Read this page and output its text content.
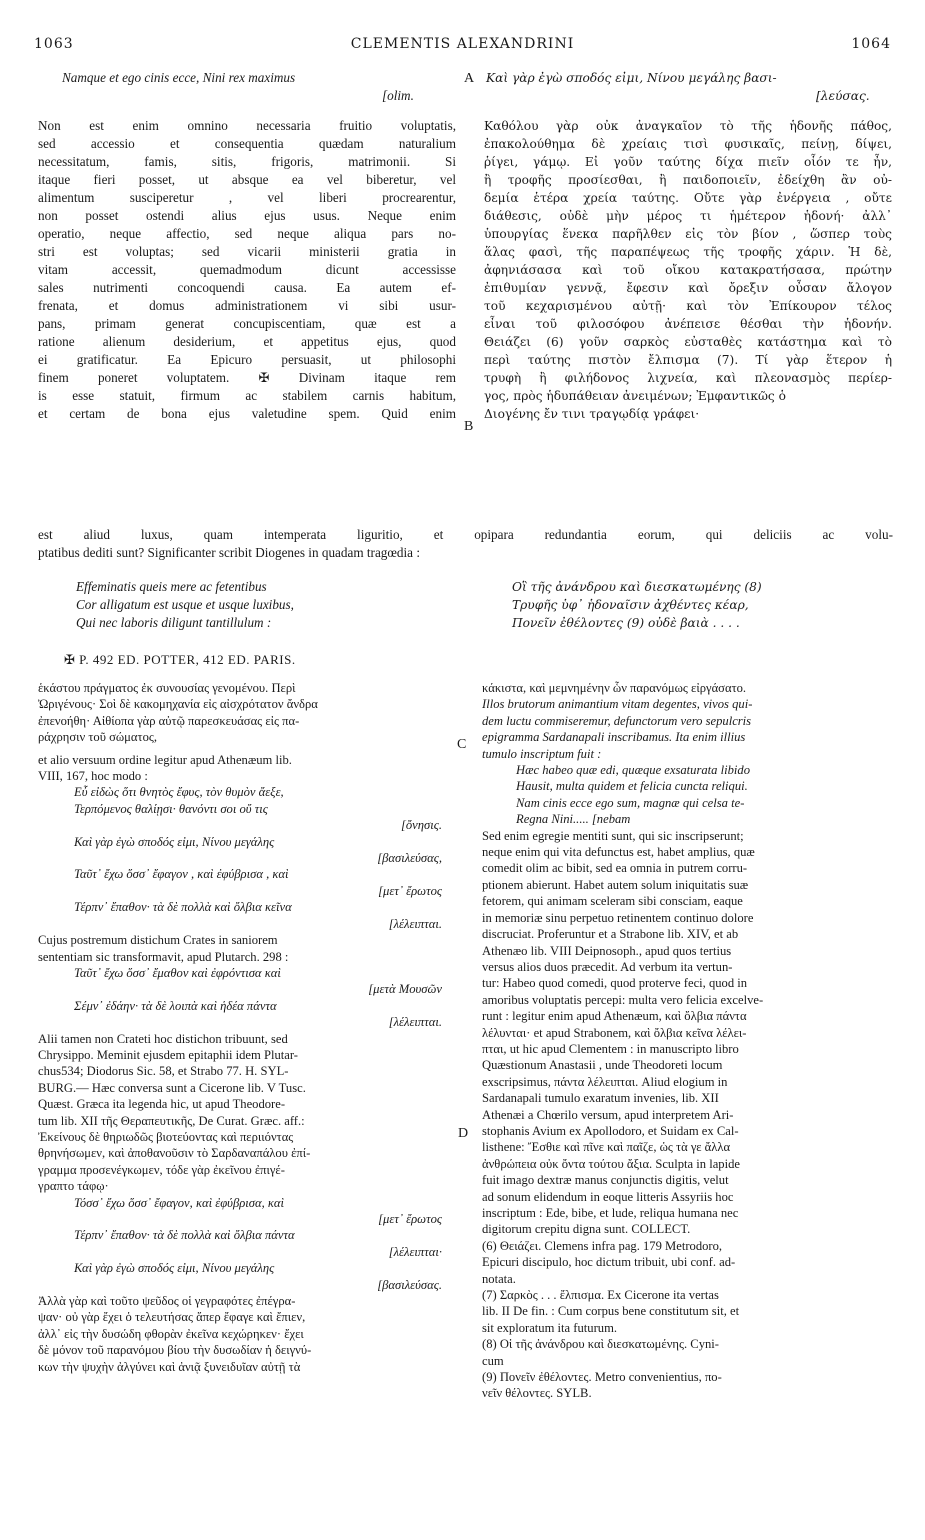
1063	CLEMENTIS ALEXANDRINI	1064
A
B
C
D
Namque et ego cinis ecce, Nini rex maximus
[olim.
Καὶ γὰρ ἐγὼ σποδός εἰμι, Νίνου μεγάλης βασι-
[λεύσας.
Non est enim omnino necessaria fruitio voluptatis,
sed accessio et consequentia quædam naturalium
necessitatum, famis, sitis, frigoris, matrimonii. Si
itaque fieri posset, ut absque ea vel biberetur, vel
alimentum susciperetur , vel liberi procrearentur,
non posset ostendi alius ejus usus. Neque enim
operatio, neque affectio, sed neque aliqua pars no-
stri est voluptas; sed vicarii ministerii gratia in
vitam accessit, quemadmodum dicunt accessisse
sales nutrimenti concoquendi causa. Ea autem ef-
frenata, et domus administrationem vi sibi usur-
pans, primam generat concupiscentiam, quæ est a
ratione alienum desiderium, et appetitus ejus, quod
ei gratificatur. Ea Epicuro persuasit, ut philosophi
finem poneret voluptatem. ✠ Divinam itaque rem
is esse statuit, firmum ac stabilem carnis habitum,
et certam de bona ejus valetudine spem. Quid enim
Καθόλου γὰρ οὐκ ἀναγκαῖον τὸ τῆς ἡδονῆς πάθος,
ἐπακολούθημα δὲ χρείαις τισὶ φυσικαῖς, πείνῃ, δίψει,
ῥίγει, γάμῳ. Εἰ γοῦν ταύτης δίχα πιεῖν οἷόν τε ἦν,
ἢ τροφῆς προσίεσθαι, ἢ παιδοποιεῖν, ἐδείχθη ἂν οὐ-
δεμία ἑτέρα χρεία ταύτης. Οὔτε γὰρ ἐνέργεια , οὔτε
διάθεσις, οὐδὲ μὴν μέρος τι ἡμέτερον ἡδονή· ἀλλ᾽
ὑπουργίας ἕνεκα παρῆλθεν εἰς τὸν βίον , ὥσπερ τοὺς
ἅλας φασὶ, τῆς παραπέψεως τῆς τροφῆς χάριν. Ἡ δὲ,
ἀφηνιάσασα καὶ τοῦ οἴκου κατακρατήσασα, πρώτην
ἐπιθυμίαν γεννᾷ, ἔφεσιν καὶ ὄρεξιν οὖσαν ἄλογον
τοῦ κεχαρισμένου αὐτῇ· καὶ τὸν Ἐπίκουρον τέλος
εἶναι τοῦ φιλοσόφου ἀνέπεισε θέσθαι τὴν ἡδονήν.
Θειάζει (6) γοῦν σαρκὸς εὐσταθὲς κατάστημα καὶ τὸ
περὶ ταύτης πιστὸν ἔλπισμα (7). Τί γὰρ ἕτερον ἡ
τρυφὴ ἢ φιλήδονος λιχνεία, καὶ πλεονασμὸς περίερ-
γος, πρὸς ἡδυπάθειαν ἀνειμένων; Ἐμφαντικῶς ὁ
Διογένης ἔν τινι τραγῳδίᾳ γράφει·
est aliud luxus, quam intemperata liguritio, et opipara redundantia eorum, qui deliciis ac volu-
ptatibus dediti sunt? Significanter scribit Diogenes in quadam tragœdia :
Effeminatis queis mere ac fetentibus
Cor alligatum est usque et usque luxibus,
Qui nec laboris diligunt tantillulum :
Οἳ τῆς ἀνάνδρου καὶ διεσκατωμένης (8)
Τρυφῆς ὑφ᾽ ἡδοναῖσιν ἀχθέντες κέαρ,
Πονεῖν ἐθέλοντες (9) οὐδὲ βαιὰ . . . .
✠ P. 492 ED. POTTER, 412 ED. PARIS.
ἑκάστου πράγματος ἐκ συνουσίας γενομένου. Περὶ
Ὠριγένους· Σοὶ δὲ κακομηχανία εἰς αἰσχρότατον ἄνδρα
ἐπενοήθη· Αἰθίοπα γὰρ αὐτῷ παρεσκευάσας εἰς πα-
ράχρησιν τοῦ σώματος,
et alio versuum ordine legitur apud Athenæum lib.
VIII, 167, hoc modo :
Εὖ εἰδὼς ὅτι θνητὸς ἔφυς, τὸν θυμὸν ἄεξε,
Τερπόμενος θαλίῃσι· θανόντι σοι οὔ τις
[ὄνησις.
Καὶ γὰρ ἐγὼ σποδός εἰμι, Νίνου μεγάλης
[βασιλεύσας,
Ταῦτ᾽ ἔχω ὅσσ᾽ ἔφαγον , καὶ ἐφύβρισα , καὶ
[μετ᾽ ἔρωτος
Τέρπν᾽ ἔπαθον· τὰ δὲ πολλὰ καὶ ὄλβια κεῖνα
[λέλειπται.
Cujus postremum distichum Crates in saniorem
sententiam sic transformavit, apud Plutarch. 298 :
Ταῦτ᾽ ἔχω ὅσσ᾽ ἔμαθον καὶ ἐφρόντισα καὶ
[μετὰ Μουσῶν
Σέμν᾽ ἐδάην· τὰ δὲ λοιπὰ καὶ ἡδέα πάντα
[λέλειπται.
Alii tamen non Crateti hoc distichon tribuunt, sed
Chrysippo. Meminit ejusdem epitaphii idem Plutar-
chus534; Diodorus Sic. 58, et Strabo 77. H. SYL-
BURG.— Hæc conversa sunt a Cicerone lib. V Tusc.
Quæst. Græca ita legenda hic, ut apud Theodore-
tum lib. XII τῆς Θεραπευτικῆς, De Curat. Græc. aff.:
Ἐκείνους δὲ θηριωδῶς βιοτεύοντας καὶ περιιόντας
θρηνήσωμεν, καὶ ἀποθανοῦσιν τὸ Σαρδαναπάλου ἐπί-
γραμμα προσενέγκωμεν, τόδε γὰρ ἐκεῖνου ἐπιγέ-
γραπτο τάφῳ·
Τόσσ᾽ ἔχω ὅσσ᾽ ἔφαγον, καὶ ἐφύβρισα, καὶ
[μετ᾽ ἔρωτος
Τέρπν᾽ ἔπαθον· τὰ δὲ πολλὰ καὶ ὄλβια πάντα
[λέλειπται·
Καὶ γὰρ ἐγὼ σποδός εἰμι, Νίνου μεγάλης
[βασιλεύσας.
Ἀλλὰ γὰρ καὶ τοῦτο ψεῦδος οἱ γεγραφότες ἐπέγρα-
ψαν· οὐ γὰρ ἔχει ὁ τελευτήσας ἅπερ ἔφαγε καὶ ἔπιεν,
ἀλλ᾽ εἰς τὴν δυσώδη φθορὰν ἐκεῖνα κεχώρηκεν· ἔχει
δὲ μόνον τοῦ παρανόμου βίου τὴν δυσωδίαν ἡ δειγνύ-
κων τὴν ψυχὴν ἀλγύνει καὶ ἀνιᾷ ξυνειδυῖαν αὐτῇ τὰ
κάκιστα, καὶ μεμνημένην ὧν παρανόμως εἰργάσατο.
Illos brutorum animantium vitam degentes, vivos qui-
dem luctu commiseremur, defunctorum vero sepulcris
epigramma Sardanapali inscribamus. Ita enim illius
tumulo inscriptum fuit :
Hæc habeo quæ edi, quæque exsaturata libido
Hausit, multa quidem et felicia cuncta reliqui.
Nam cinis ecce ego sum, magnæ qui celsa te-
Regna Nini..... [nebam
Sed enim egregie mentiti sunt, qui sic inscripserunt;
neque enim qui vita defunctus est, habet amplius, quæ
comedit olim ac bibit, sed ea omnia in putrem corru-
ptionem abierunt. Habet autem solum iniquitatis suæ
fetorem, qui animam sceleram sibi consciam, eaque
in memoriæ sinu perpetuo retinentem continuo dolore
discruciat. Proferuntur et a Strabone lib. XIV, et ab
Athenæo lib. VIII Deipnosoph., apud quos tertius
versus alios duos præcedit. Ad verbum ita vertun-
tur: Habeo quod comedi, quod proterve feci, quod in
amoribus voluptatis percepi: multa vero felicia excelve-
runt : legitur enim apud Athenæum, καὶ ὄλβια πάντα
λέλυνται· et apud Strabonem, καὶ ὄλβια κεῖνα λέλει-
πται, ut hic apud Clementem : in manuscripto libro
Quæstionum Anastasii , unde Theodoreti locum
exscripsimus, πάντα λέλειπται. Aliud elogium in
Sardanapali tumulo exaratum invenies, lib. XII
Athenæi a Chœrilo versum, apud interpretem Ari-
stophanis Avium ex Apollodoro, et Suidam ex Cal-
listhene: Ἔσθιε καὶ πῖνε καὶ παῖζε, ὡς τὰ γε ἄλλα
ἀνθρώπεια οὐκ ὄντα τούτου ἄξια. Sculpta in lapide
fuit imago dextræ manus conjunctis digitis, velut
ad sonum elidendum in eoque litteris Assyriis hoc
inscriptum : Ede, bibe, et lude, reliqua humana nec
digitorum crepitu digna sunt. COLLECT.
(6) Θειάζει. Clemens infra pag. 179 Metrodoro,
Epicuri discipulo, hoc dictum tribuit, ubi conf. ad-
notata.
(7) Σαρκὸς . . . ἔλπισμα. Ex Cicerone ita vertas
lib. II De fin. : Cum corpus bene constitutum sit, et
sit exploratum ita futurum.
(8) Οἱ τῆς ἀνάνδρου καὶ διεσκατωμένης. Cyni-
cum
(9) Πονεῖν ἐθέλοντες. Metro convenientius, πο-
νεῖν θέλοντες. SYLB.
